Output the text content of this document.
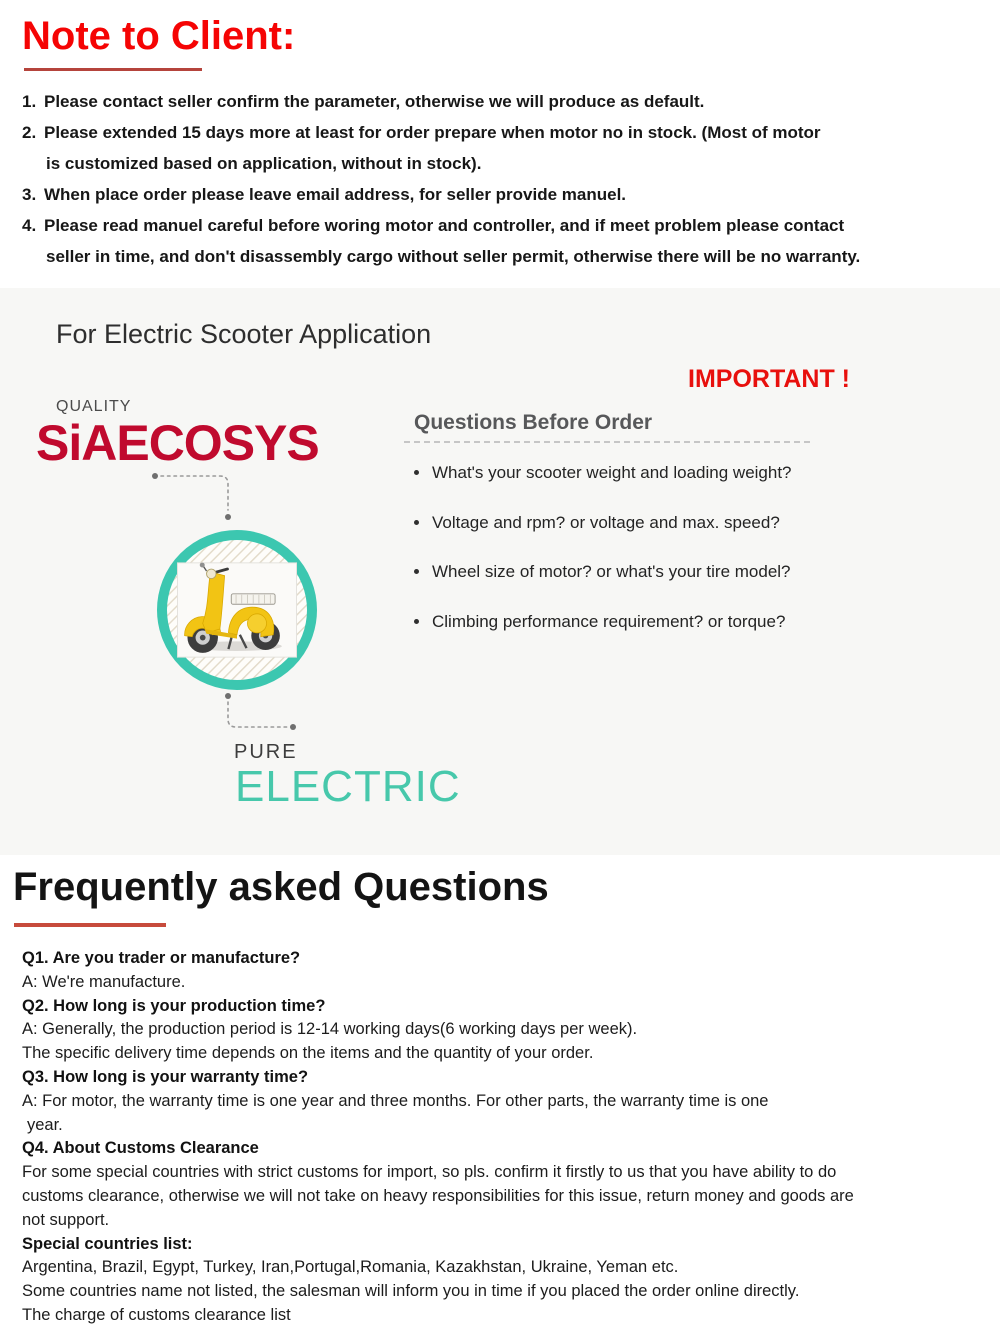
Note to Client:
1. Please contact seller confirm the parameter, otherwise we will produce as default.
2. Please extended 15 days more at least for order prepare when motor no in stock. (Most of motor
is customized based on application, without in stock).
3. When place order please leave email address, for seller provide manuel.
4. Please read manuel careful before woring motor and controller, and if meet problem please contact
seller in time, and don't disassembly cargo without seller permit, otherwise there will be no warranty.
For Electric Scooter Application
IMPORTANT !
QUALITY
SiAECOSYS
PURE
ELECTRIC
Questions Before Order
What's your scooter weight and loading weight?
Voltage and rpm? or voltage and max. speed?
Wheel size of motor? or what's your tire model?
Climbing performance requirement? or torque?
Frequently asked Questions
Q1. Are you trader or manufacture?
A: We're manufacture.
Q2. How long is your production time?
A: Generally, the production period is 12-14 working days(6 working days per week).
The specific delivery time depends on the items and the quantity of your order.
Q3. How long is your warranty time?
A: For motor, the warranty time is one year and three months. For other parts, the warranty time is one
year.
Q4. About Customs Clearance
For some special countries with strict customs for import, so pls. confirm it firstly to us that you have ability to do
customs clearance, otherwise we will not take on heavy responsibilities for this issue, return money and goods are
not support.
Special countries list:
Argentina, Brazil, Egypt, Turkey, Iran,Portugal,Romania, Kazakhstan, Ukraine, Yeman etc.
Some countries name not listed, the salesman will inform you in time if you placed the order online directly.
The charge of customs clearance list
